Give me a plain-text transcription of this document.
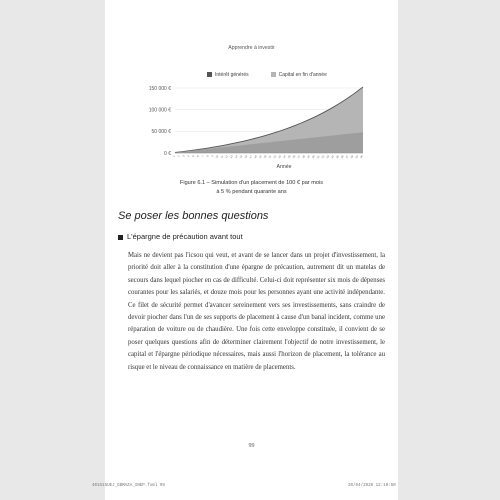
Apprendre à investir
Intérêt générés	Capital en fin d'année
150 000 €
100 000 €
50 000 €
0 € 1 2 3 4 5 6 7 8 9 10 11 12 13 14 15 16 17 18 19 20 21 22 23 24 25 26 27 28 29 30 31 32 33 34 35 36 37 38 39 40
Année
Figure 6.1 – Simulation d'un placement de 100 € par mois
à 5 % pendant quarante ans
Se poser les bonnes questions
L'épargne de précaution avant tout
Mais ne devient pas l'icsou qui veut, et avant de se lancer dans un projet d'investissement, la priorité doit aller à la constitution d'une épargne de précaution, autrement dit un matelas de secours dans lequel piocher en cas de difficulté. Celui-ci doit représenter six mois de dépenses courantes pour les salariés, et douze mois pour les personnes ayant une activité indépendante. Ce filet de sécurité permet d'avancer sereinement vers ses investissements, sans craindre de devoir piocher dans l'un de ses supports de placement à cause d'un banal incident, comme une réparation de voiture ou de chaudière. Une fois cette enveloppe constituée, il convient de se poser quelques questions afin de déterminer clairement l'objectif de notre investissement, le capital et l'épargne périodique nécessaires, mais aussi l'horizon de placement, la tolérance au risque et le niveau de connaissance en matière de placements.
99
401615UEJ_GBMAZA_INEP.fxml 99	20/04/2020 12:10:50
